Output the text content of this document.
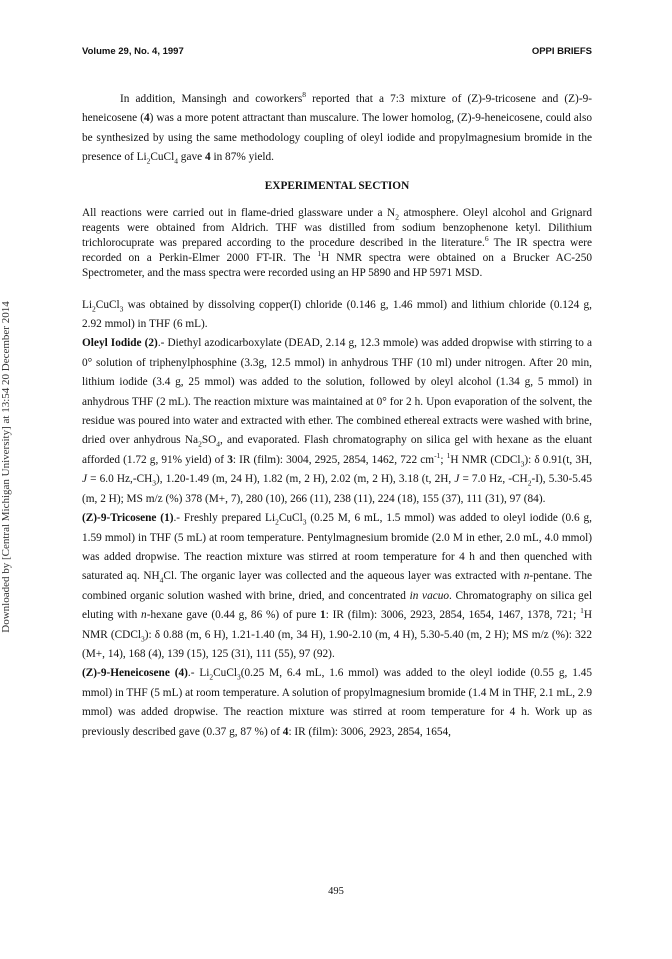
Volume 29, No. 4, 1997	OPPI BRIEFS
Downloaded by [Central Michigan University] at 13:54 20 December 2014

In addition, Mansingh and coworkers$^8$ reported that a 7:3 mixture of (Z)-9-tricosene and (Z)-9-heneicosene (4) was a more potent attractant than muscalure. The lower homolog, (Z)-9-heneicosene, could also be synthesized by using the same methodology coupling of oleyl iodide and propylmagnesium bromide in the presence of $Li_2CuCl_4$ gave 4 in 87% yield.

EXPERIMENTAL SECTION

All reactions were carried out in flame-dried glassware under a $N_2$ atmosphere. Oleyl alcohol and Grignard reagents were obtained from Aldrich. THF was distilled from sodium benzophenone ketyl. Dilithium trichlorocuprate was prepared according to the procedure described in the literature.$^6$ The IR spectra were recorded on a Perkin-Elmer 2000 FT-IR. The $^1$H NMR spectra were obtained on a Brucker AC-250 Spectrometer, and the mass spectra were recorded using an HP 5890 and HP 5971 MSD.

$Li_2CuCl_3$ was obtained by dissolving copper(I) chloride (0.146 g, 1.46 mmol) and lithium chloride (0.124 g, 2.92 mmol) in THF (6 mL).

Oleyl Iodide (2).- Diethyl azodicarboxylate (DEAD, 2.14 g, 12.3 mmole) was added dropwise with stirring to a 0° solution of triphenylphosphine (3.3g, 12.5 mmol) in anhydrous THF (10 ml) under nitrogen. After 20 min, lithium iodide (3.4 g, 25 mmol) was added to the solution, followed by oleyl alcohol (1.34 g, 5 mmol) in anhydrous THF (2 mL). The reaction mixture was maintained at 0° for 2 h. Upon evaporation of the solvent, the residue was poured into water and extracted with ether. The combined ethereal extracts were washed with brine, dried over anhydrous $Na_2SO_4$, and evaporated. Flash chromatography on silica gel with hexane as the eluant afforded (1.72 g, 91% yield) of 3: IR (film): 3004, 2925, 2854, 1462, 722 $cm^{-1}$; $^1$H NMR (CDCl$_3$): δ 0.91(t, 3H, J = 6.0 $Hz,-CH_3$), 1.20-1.49 (m, 24 H), 1.82 (m, 2 H), 2.02 (m, 2 H), 3.18 (t, 2H, J = 7.0 Hz, $-CH_2-I$), 5.30-5.45 (m, 2 H); MS m/z (%) 378 (M+, 7), 280 (10), 266 (11), 238 (11), 224 (18), 155 (37), 111 (31), 97 (84).

(Z)-9-Tricosene (1).- Freshly prepared $Li_2CuCl_3$ (0.25 M, 6 mL, 1.5 mmol) was added to oleyl iodide (0.6 g, 1.59 mmol) in THF (5 mL) at room temperature. Pentylmagnesium bromide (2.0 M in ether, 2.0 mL, 4.0 mmol) was added dropwise. The reaction mixture was stirred at room temperature for 4 h and then quenched with saturated aq. $NH_4Cl$. The organic layer was collected and the aqueous layer was extracted with n-pentane. The combined organic solution washed with brine, dried, and concentrated in vacuo. Chromatography on silica gel eluting with n-hexane gave (0.44 g, 86 %) of pure 1: IR (film): 3006, 2923, 2854, 1654, 1467, 1378, 721; $^1$H NMR (CDCl$_3$): δ 0.88 (m, 6 H), 1.21-1.40 (m, 34 H), 1.90-2.10 (m, 4 H), 5.30-5.40 (m, 2 H); MS m/z (%): 322 (M+, 14), 168 (4), 139 (15), 125 (31), 111 (55), 97 (92).

(Z)-9-Heneicosene (4).- $Li_2CuCl_3(0.25$ M, 6.4 mL, 1.6 mmol) was added to the oleyl iodide (0.55 g, 1.45 mmol) in THF (5 mL) at room temperature. A solution of propylmagnesium bromide (1.4 M in THF, 2.1 mL, 2.9 mmol) was added dropwise. The reaction mixture was stirred at room temperature for 4 h. Work up as previously described gave (0.37 g, 87 %) of 4: IR (film): 3006, 2923, 2854, 1654,

495
